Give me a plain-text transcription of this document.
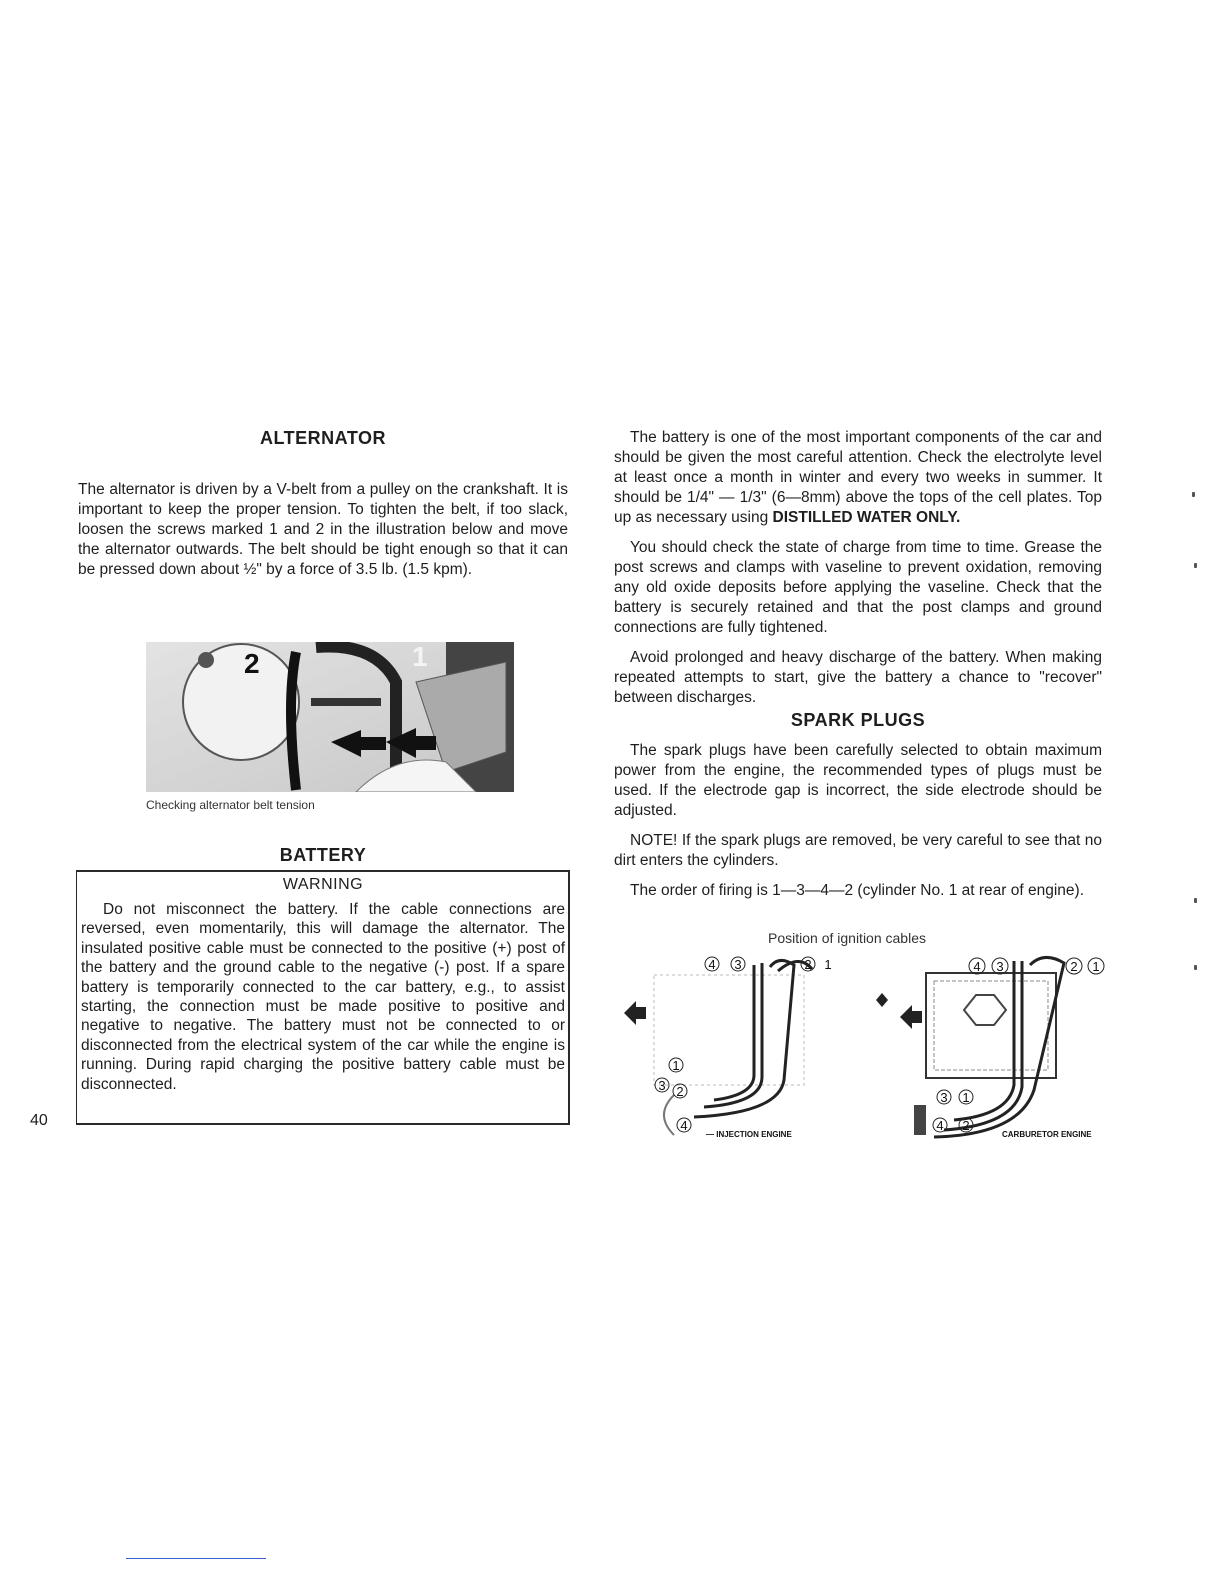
ALTERNATOR

The alternator is driven by a V-belt from a pulley on the crankshaft. It is important to keep the proper tension. To tighten the belt, if too slack, loosen the screws marked 1 and 2 in the illustration below and move the alternator outwards. The belt should be tight enough so that it can be pressed down about ½" by a force of 3.5 lb. (1.5 kpm).

2	1
Checking alternator belt tension
BATTERY

WARNING

Do not misconnect the battery. If the cable connections are reversed, even momentarily, this will damage the alternator. The insulated positive cable must be connected to the positive (+) post of the battery and the ground cable to the negative (-) post. If a spare battery is temporarily connected to the car battery, e.g., to assist starting, the connection must be made positive to positive and negative to negative. The battery must not be connected to or disconnected from the electrical system of the car while the engine is running. During rapid charging the positive battery cable must be disconnected.

40

The battery is one of the most important components of the car and should be given the most careful attention. Check the electrolyte level at least once a month in winter and every two weeks in summer. It should be 1/4" — 1/3" (6—8mm) above the tops of the cell plates. Top up as necessary using DISTILLED WATER ONLY.

You should check the state of charge from time to time. Grease the post screws and clamps with vaseline to prevent oxidation, removing any old oxide deposits before applying the vaseline. Check that the battery is securely retained and that the post clamps and ground connections are fully tightened.

Avoid prolonged and heavy discharge of the battery. When making repeated attempts to start, give the battery a chance to "recover" between discharges.

SPARK PLUGS

The spark plugs have been carefully selected to obtain maximum power from the engine, the recommended types of plugs must be used. If the electrode gap is incorrect, the side electrode should be adjusted.

NOTE! If the spark plugs are removed, be very careful to see that no dirt enters the cylinders.

The order of firing is 1—3—4—2 (cylinder No. 1 at rear of engine).

Position of ignition cables
4 3	2 1
1
3 2
4
4 3	2 1
3 1
4 2
— INJECTION ENGINE	CARBURETOR ENGINE
